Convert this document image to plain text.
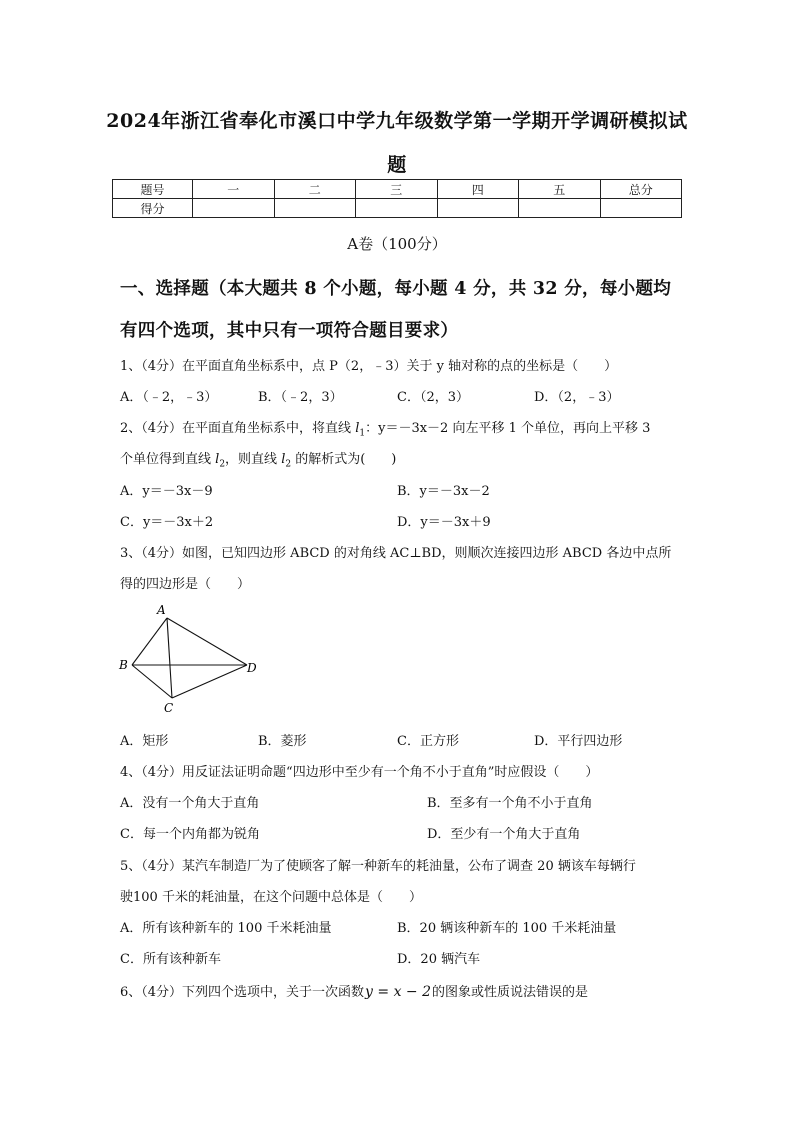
2024年浙江省奉化市溪口中学九年级数学第一学期开学调研模拟试
题
题号	一	二	三	四	五	总分
得分						
A卷（100分）
一、选择题（本大题共 8 个小题，每小题 4 分，共 32 分，每小题均
有四个选项，其中只有一项符合题目要求）
1、（4分）在平面直角坐标系中，点 P（2，﹣3）关于 y 轴对称的点的坐标是（　　）
A．（﹣2，﹣3）	B．（﹣2，3）	C．（2，3）	D．（2，﹣3）
2、（4分）在平面直角坐标系中，将直线 $l_1$：y＝－3x－2 向左平移 1 个单位，再向上平移 3
个单位得到直线 $l_2$，则直线 $l_2$ 的解析式为(　　)
A．y＝－3x－9	B．y＝－3x－2
C．y＝－3x＋2	D．y＝－3x＋9
3、（4分）如图，已知四边形 ABCD 的对角线 AC⊥BD，则顺次连接四边形 ABCD 各边中点所
得的四边形是（　　）
A
B
C
D
A．矩形	B．菱形	C．正方形	D．平行四边形
4、（4分）用反证法证明命题“四边形中至少有一个角不小于直角”时应假设（　　）
A．没有一个角大于直角	B．至多有一个角不小于直角
C．每一个内角都为锐角	D．至少有一个角大于直角
5、（4分）某汽车制造厂为了使顾客了解一种新车的耗油量，公布了调查 20 辆该车每辆行
驶100 千米的耗油量，在这个问题中总体是（　　）
A．所有该种新车的 100 千米耗油量	B．20 辆该种新车的 100 千米耗油量
C．所有该种新车	D．20 辆汽车
6、（4分）下列四个选项中，关于一次函数y = x − 2的图象或性质说法错误的是
